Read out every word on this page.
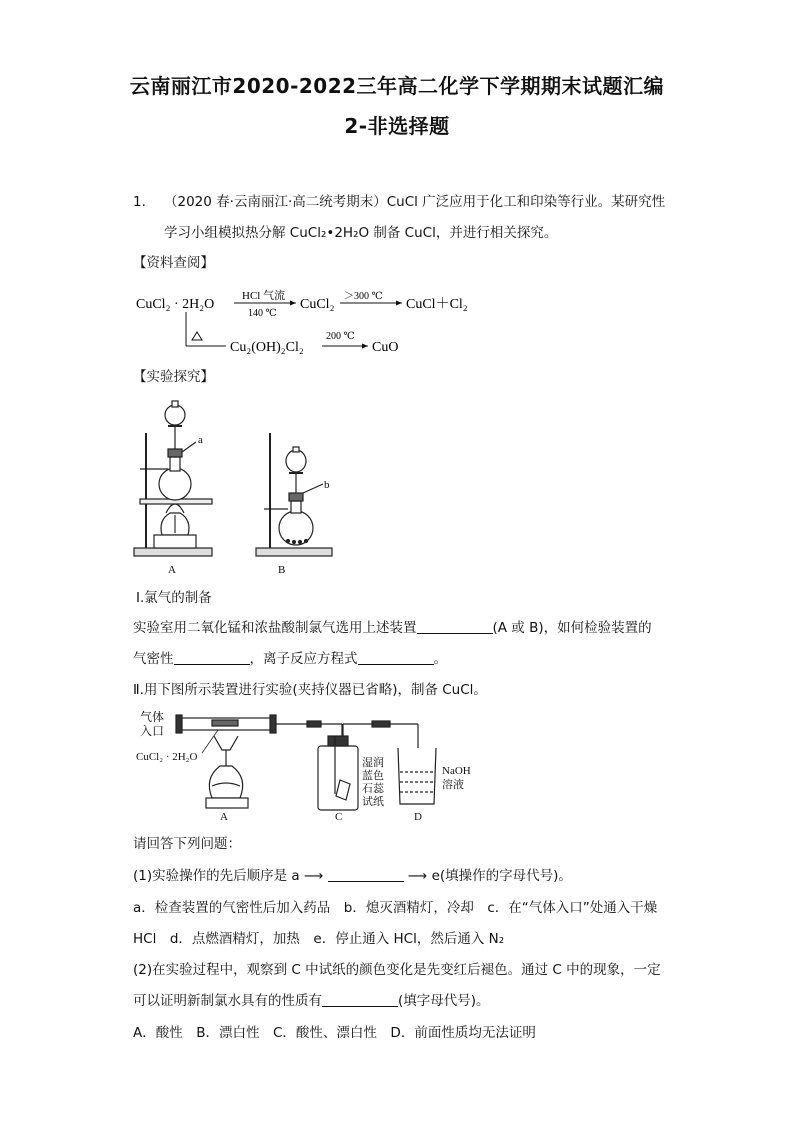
云南丽江市2020-2022三年高二化学下学期期末试题汇编
2-非选择题
1. （2020 春·云南丽江·高二统考期末）CuCl 广泛应用于化工和印染等行业。某研究性
学习小组模拟热分解 CuCl₂•2H₂O 制备 CuCl，并进行相关探究。
【资料查阅】
CuCl₂ · 2H₂O
HCl 气流
140 ℃
CuCl₂
＞300 ℃
CuCl＋Cl₂
Cu₂(OH)₂Cl₂
200 ℃
CuO
【实验探究】
a
A
b
B
Ⅰ.氯气的制备
实验室用二氧化锰和浓盐酸制氯气选用上述装置	(A 或 B)，如何检验装置的
气密性	，离子反应方程式	。
Ⅱ.用下图所示装置进行实验(夹持仪器已省略)，制备 CuCl。
气体
入口
CuCl₂ · 2H₂O
A
湿润
蓝色
石蕊
试纸
C
NaOH
溶液
D
请回答下列问题：
(1)实验操作的先后顺序是 a ⟶	⟶ e(填操作的字母代号)。
a．检查装置的气密性后加入药品　b．熄灭酒精灯，冷却　c．在“气体入口”处通入干燥
HCl　d．点燃酒精灯，加热　e．停止通入 HCl，然后通入 N₂
(2)在实验过程中，观察到 C 中试纸的颜色变化是先变红后褪色。通过 C 中的现象，一定
可以证明新制氯水具有的性质有	(填字母代号)。
A．酸性　B．漂白性　C．酸性、漂白性　D．前面性质均无法证明
